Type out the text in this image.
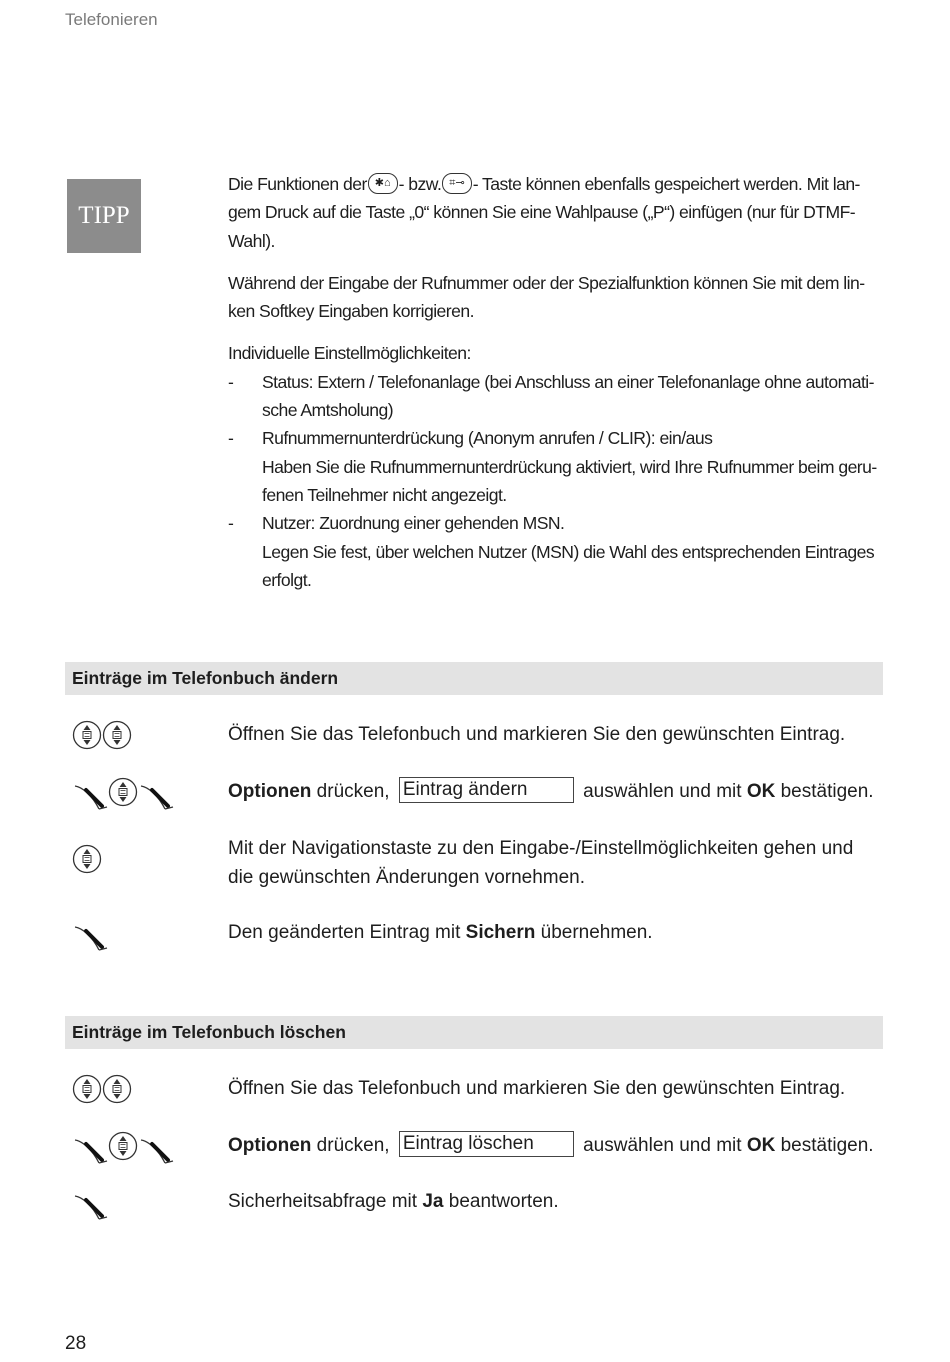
Telefonieren
TIPP

Die Funktionen der ✱⌂ - bzw. ⌗⊸ - Taste können ebenfalls gespeichert werden. Mit lan-gem Druck auf die Taste „0“ können Sie eine Wahlpause („P“) einfügen (nur für DTMF-Wahl).

Während der Eingabe der Rufnummer oder der Spezialfunktion können Sie mit dem lin-ken Softkey Eingaben korrigieren.

Individuelle Einstellmöglichkeiten:

- Status: Extern / Telefonanlage (bei Anschluss an einer Telefonanlage ohne automati-sche Amtsholung)
- Rufnummernunterdrückung (Anonym anrufen / CLIR): ein/aus
Haben Sie die Rufnummernunterdrückung aktiviert, wird Ihre Rufnummer beim geru-fenen Teilnehmer nicht angezeigt.
- Nutzer: Zuordnung einer gehenden MSN.
Legen Sie fest, über welchen Nutzer (MSN) die Wahl des entsprechenden Eintrages erfolgt.
Einträge im Telefonbuch ändern
Öffnen Sie das Telefonbuch und markieren Sie den gewünschten Eintrag.
Optionen drücken, Eintrag ändern	auswählen und mit OK bestätigen.
Mit der Navigationstaste zu den Eingabe-/Einstellmöglichkeiten gehen und die gewünschten Änderungen vornehmen.
Den geänderten Eintrag mit Sichern übernehmen.
Einträge im Telefonbuch löschen
Öffnen Sie das Telefonbuch und markieren Sie den gewünschten Eintrag.
Optionen drücken, Eintrag löschen	auswählen und mit OK bestätigen.
Sicherheitsabfrage mit Ja beantworten.
28
